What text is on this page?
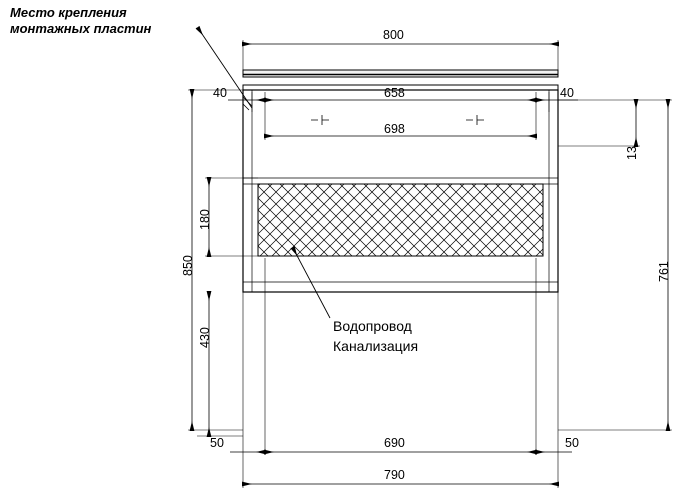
Место крепления
монтажных пластин
Водопровод
Канализация
800
40	658	40
698
13
761
850
180
430
50	690	50
790
